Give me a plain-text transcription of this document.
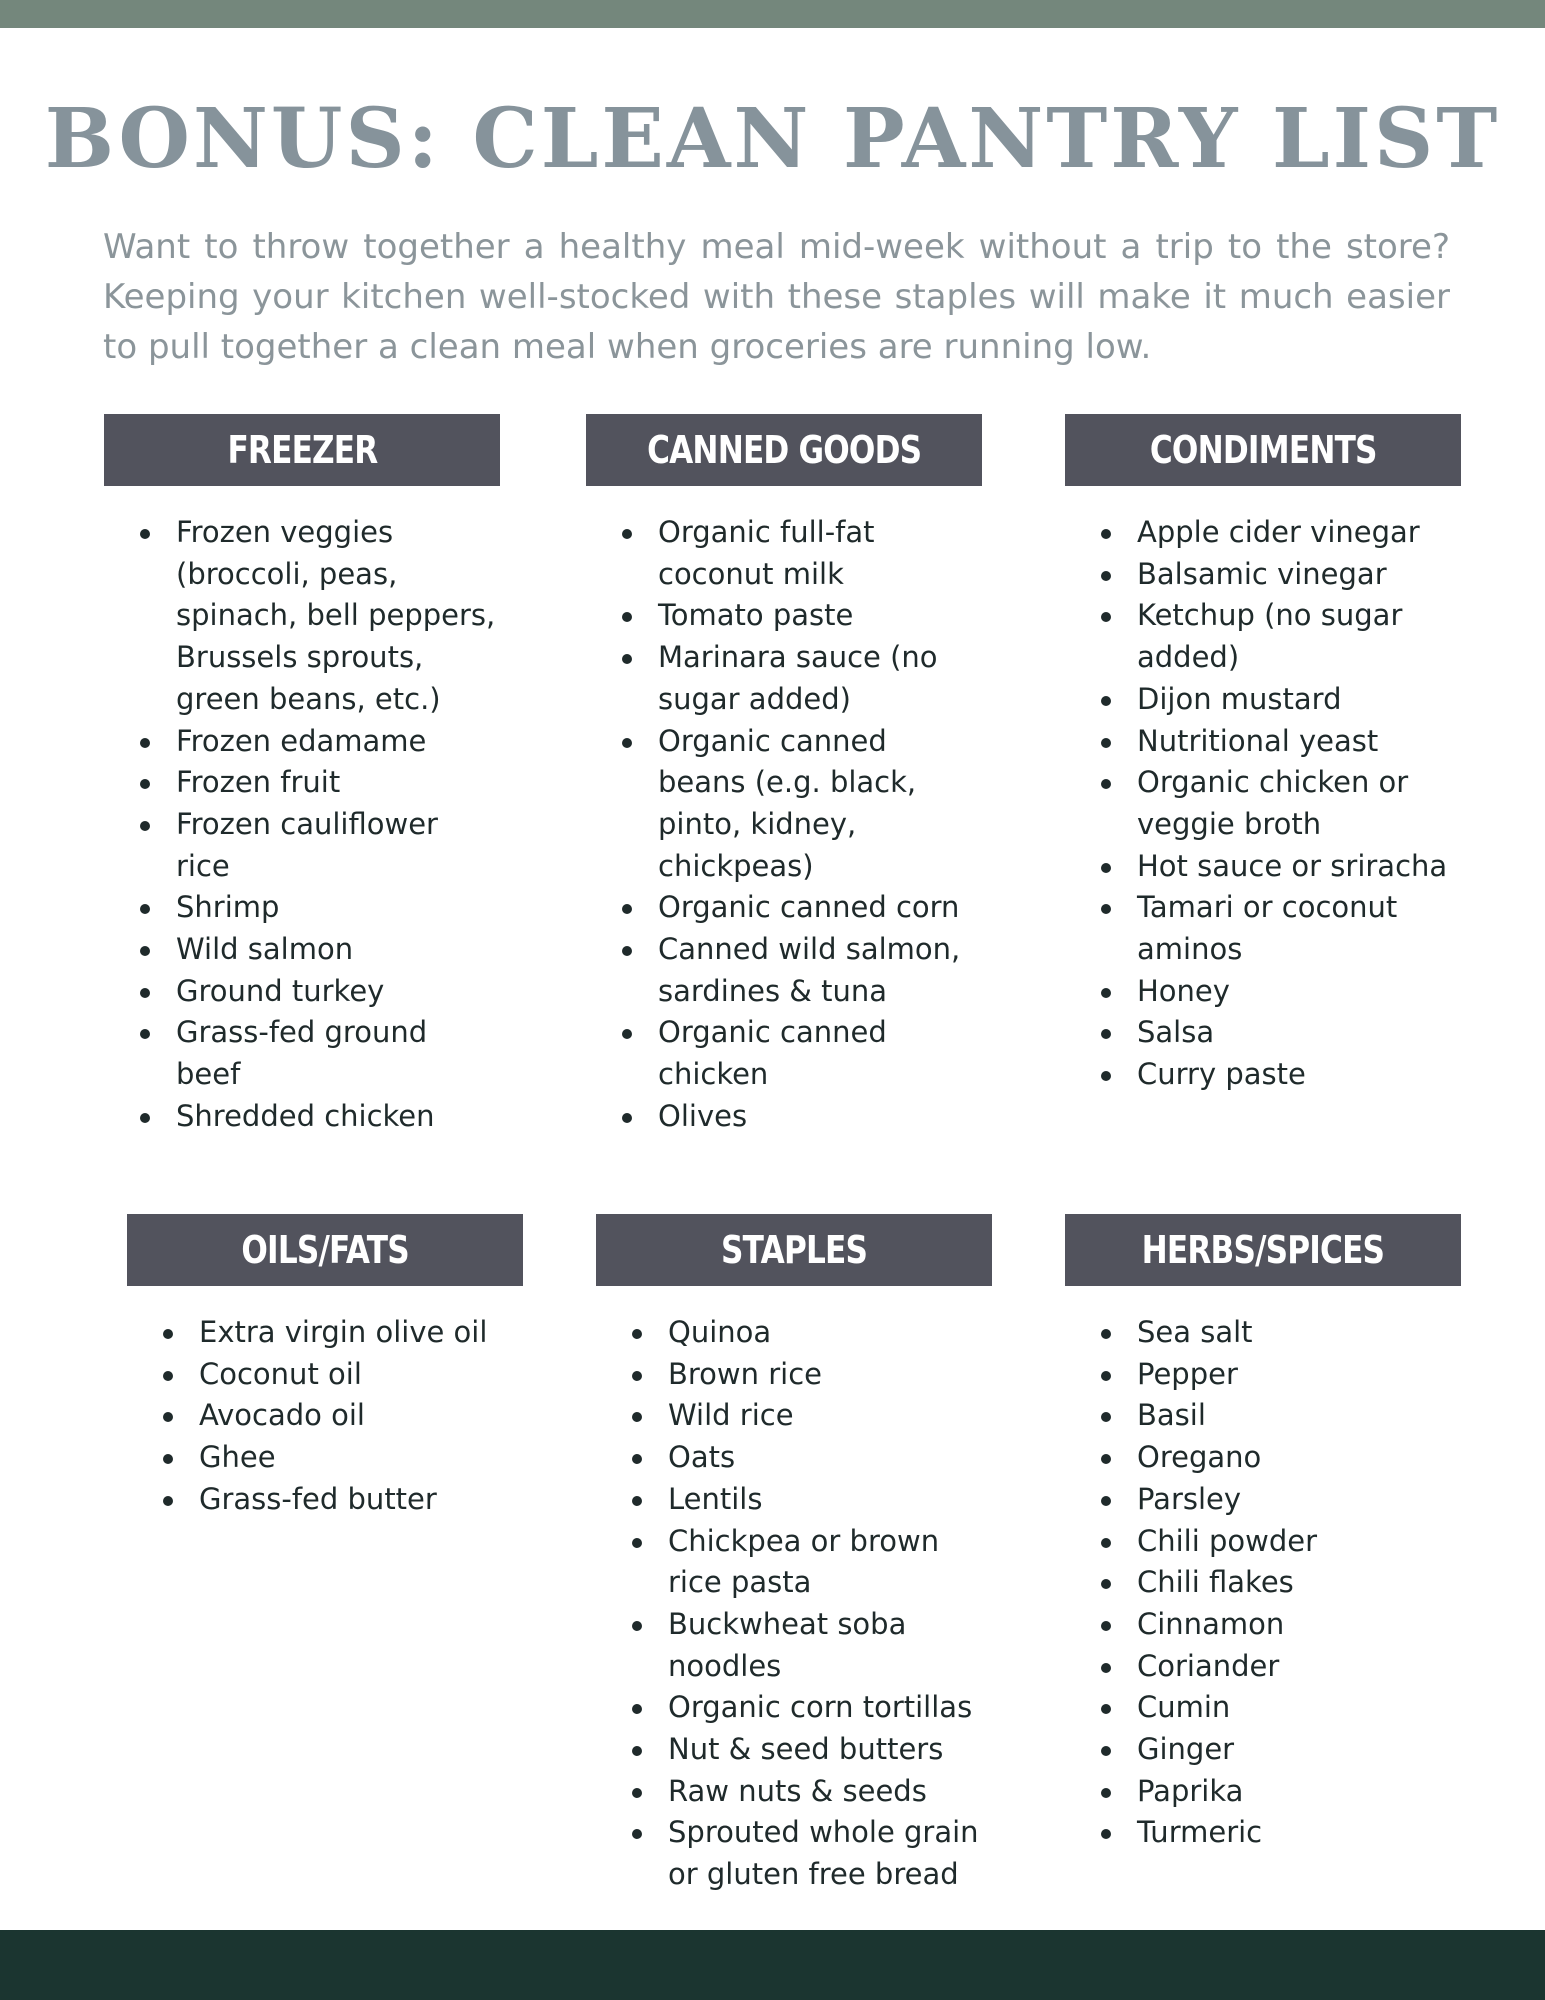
BONUS: CLEAN PANTRY LIST

Want to throw together a healthy meal mid-week without a trip to the store? Keeping your kitchen well-stocked with these staples will make it much easier to pull together a clean meal when groceries are running low.

FREEZER
Frozen veggies (broccoli, peas, spinach, bell peppers, Brussels sprouts, green beans, etc.)
Frozen edamame
Frozen fruit
Frozen cauliflower rice
Shrimp
Wild salmon
Ground turkey
Grass-fed ground beef
Shredded chicken
CANNED GOODS
Organic full-fat coconut milk
Tomato paste
Marinara sauce (no sugar added)
Organic canned beans (e.g. black, pinto, kidney, chickpeas)
Organic canned corn
Canned wild salmon, sardines & tuna
Organic canned chicken
Olives
CONDIMENTS
Apple cider vinegar
Balsamic vinegar
Ketchup (no sugar added)
Dijon mustard
Nutritional yeast
Organic chicken or veggie broth
Hot sauce or sriracha
Tamari or coconut aminos
Honey
Salsa
Curry paste
OILS/FATS
Extra virgin olive oil
Coconut oil
Avocado oil
Ghee
Grass-fed butter
STAPLES
Quinoa
Brown rice
Wild rice
Oats
Lentils
Chickpea or brown rice pasta
Buckwheat soba noodles
Organic corn tortillas
Nut & seed butters
Raw nuts & seeds
Sprouted whole grain or gluten free bread
HERBS/SPICES
Sea salt
Pepper
Basil
Oregano
Parsley
Chili powder
Chili flakes
Cinnamon
Coriander
Cumin
Ginger
Paprika
Turmeric
